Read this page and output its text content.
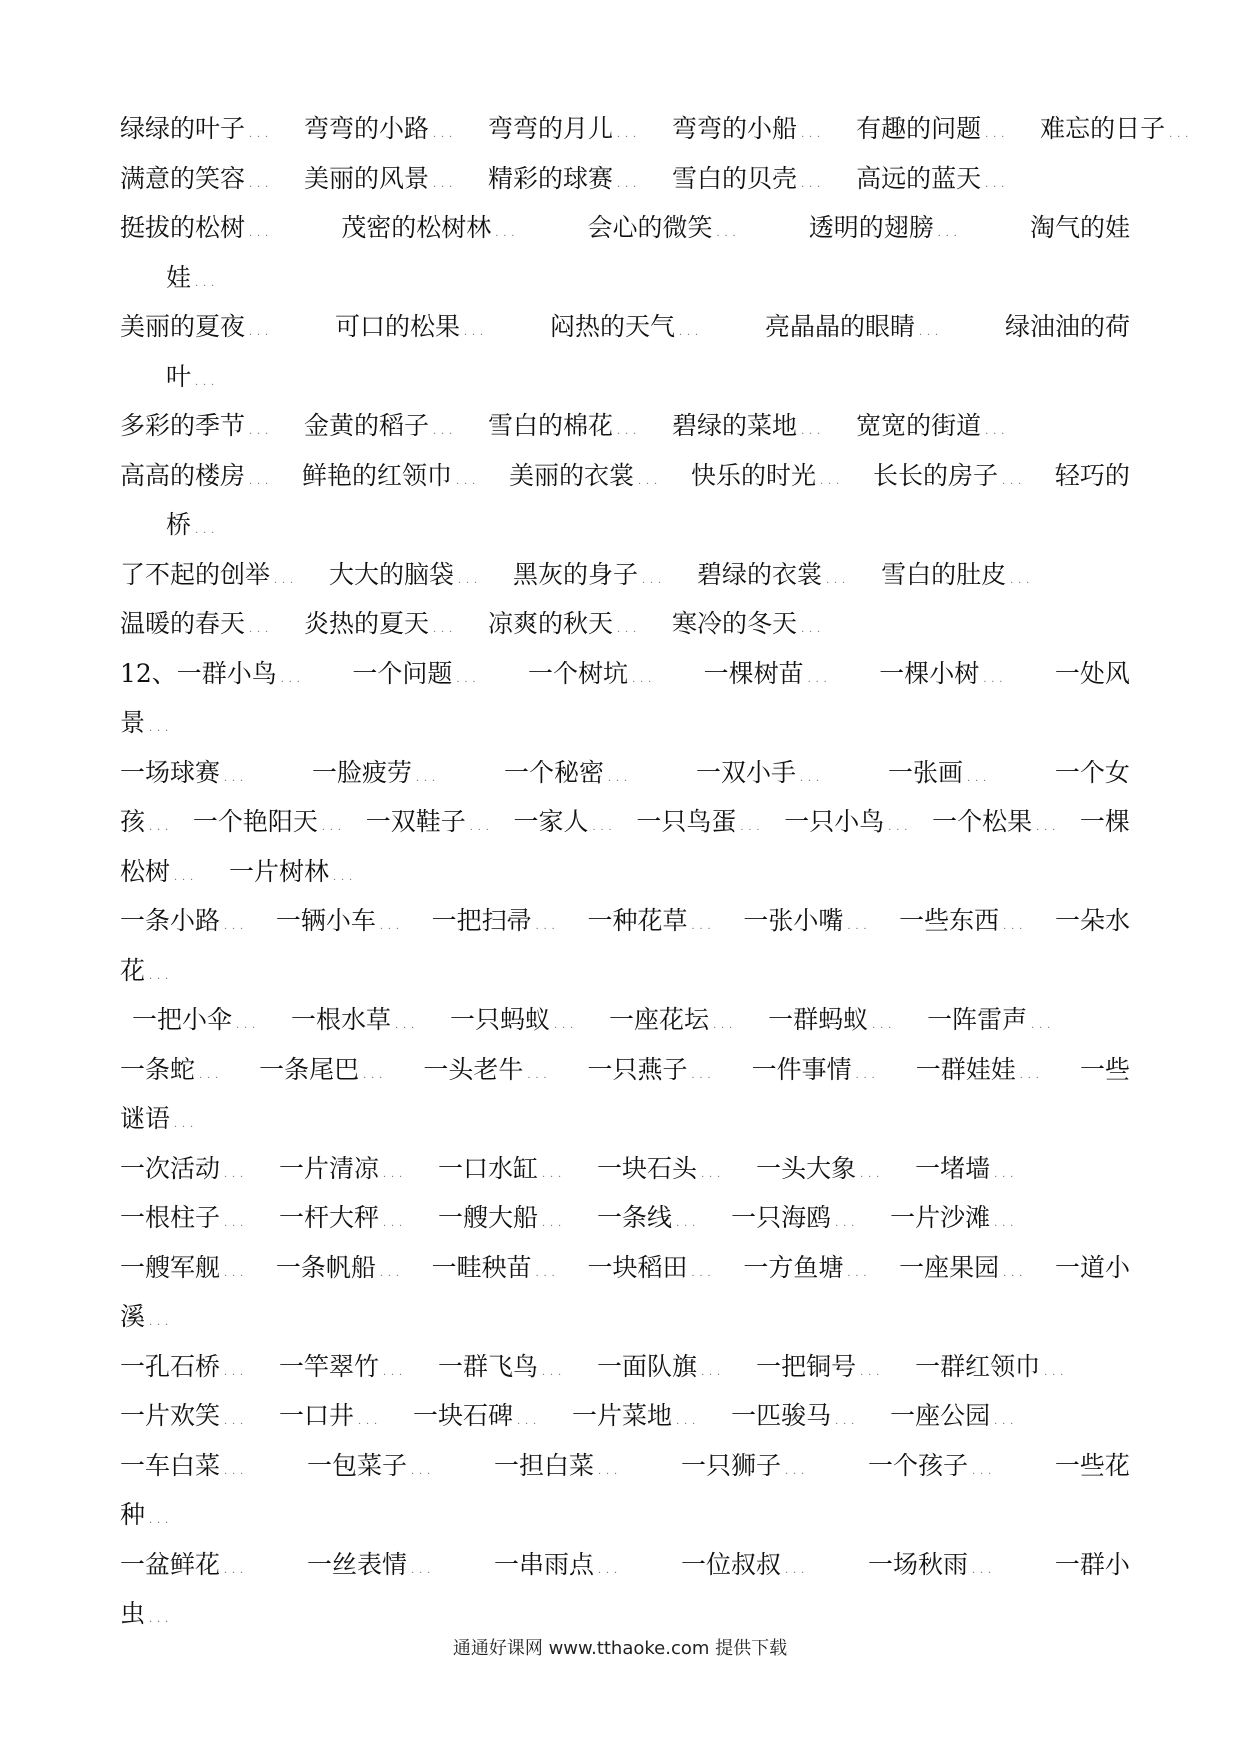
绿绿的叶子 ．．． 弯弯的小路 ．．． 弯弯的月儿 ．．． 弯弯的小船 ．．． 有趣的问题 ．．． 难忘的日子 ．．．
满意的笑容 ．．． 美丽的风景 ．．． 精彩的球赛 ．．． 雪白的贝壳 ．．． 高远的蓝天 ．．．
挺拔的松树 ．．．	茂密的松树林 ．．．	会心的微笑 ．．．	透明的翅膀 ．．．	淘气的娃
娃 ．．．
美丽的夏夜 ．．．	可口的松果 ．．．	闷热的天气 ．．．	亮晶晶的眼睛 ．．．	绿油油的荷
叶 ．．．
多彩的季节 ．．． 金黄的稻子 ．．． 雪白的棉花 ．．． 碧绿的菜地 ．．． 宽宽的街道 ．．．
高高的楼房 ．．．	鲜艳的红领巾 ．．．	美丽的衣裳 ．．．	快乐的时光 ．．．	长长的房子 ．．．	轻巧的
桥 ．．．
了不起的创举 ．．． 大大的脑袋 ．．． 黑灰的身子 ．．． 碧绿的衣裳 ．．． 雪白的肚皮 ．．．
温暖的春天 ．．． 炎热的夏天 ．．． 凉爽的秋天 ．．． 寒冷的冬天 ．．．
12、一群小鸟 ．．．	一个问题 ．．．	一个树坑 ．．．	一棵树苗 ．．．	一棵小树 ．．．	一处风
景 ．．．
一场球赛 ．．．	一脸疲劳 ．．．	一个秘密 ．．．	一双小手 ．．．	一张画 ．．．	一个女
孩 ．．．	一个艳阳天 ．．．	一双鞋子 ．．．	一家人 ．．．	一只鸟蛋 ．．．	一只小鸟 ．．．	一个松果 ．．．	一棵
松树 ．．． 一片树林 ．．．
一条小路 ．．．	一辆小车 ．．．	一把扫帚 ．．．	一种花草 ．．．	一张小嘴 ．．．	一些东西 ．．．	一朵水
花 ．．．
一把小伞 ．．． 一根水草 ．．． 一只蚂蚁 ．．． 一座花坛 ．．． 一群蚂蚁 ．．． 一阵雷声 ．．．
一条蛇 ．．．	一条尾巴 ．．．	一头老牛 ．．．	一只燕子 ．．．	一件事情 ．．．	一群娃娃 ．．．	一些
谜语 ．．．
一次活动 ．．． 一片清凉 ．．． 一口水缸 ．．． 一块石头 ．．． 一头大象 ．．． 一堵墙 ．．．
一根柱子 ．．． 一杆大秤 ．．． 一艘大船 ．．． 一条线 ．．． 一只海鸥 ．．． 一片沙滩 ．．．
一艘军舰 ．．．	一条帆船 ．．．	一畦秧苗 ．．．	一块稻田 ．．．	一方鱼塘 ．．．	一座果园 ．．．	一道小
溪 ．．．
一孔石桥 ．．． 一竿翠竹 ．．． 一群飞鸟 ．．． 一面队旗 ．．． 一把铜号 ．．． 一群红领巾 ．．．
一片欢笑 ．．． 一口井 ．．． 一块石碑 ．．． 一片菜地 ．．． 一匹骏马 ．．． 一座公园 ．．．
一车白菜 ．．．	一包菜子 ．．．	一担白菜 ．．．	一只狮子 ．．．	一个孩子 ．．．	一些花
种 ．．．
一盆鲜花 ．．．	一丝表情 ．．．	一串雨点 ．．．	一位叔叔 ．．．	一场秋雨 ．．．	一群小
虫 ．．．
通通好课网 www.tthaoke.com 提供下载
